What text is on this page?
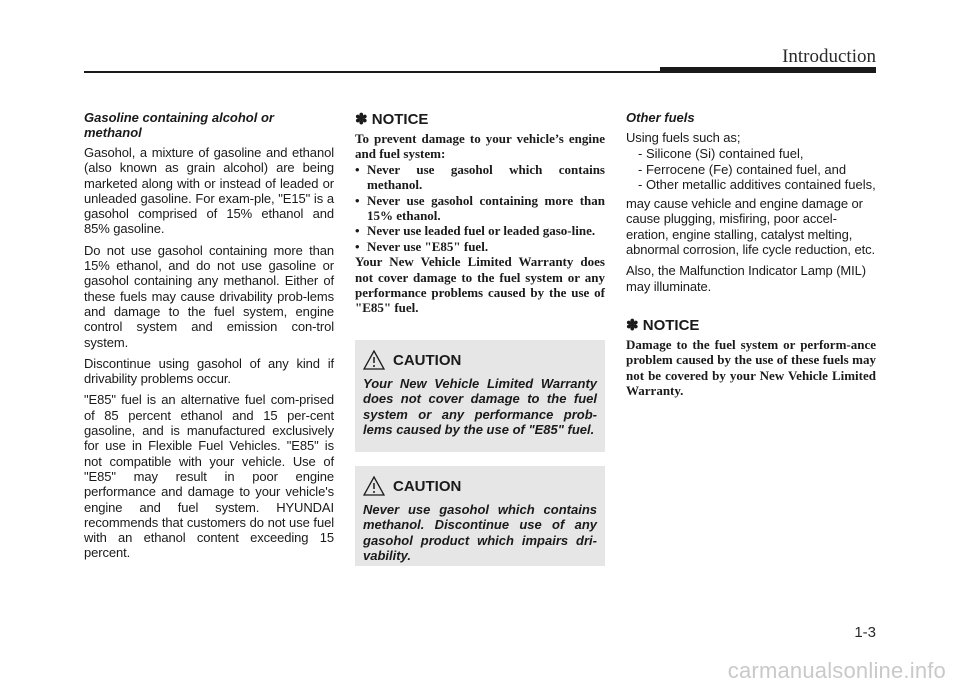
Introduction
Gasoline containing alcohol or methanol

Gasohol, a mixture of gasoline and ethanol (also known as grain alcohol) are being marketed along with or instead of leaded or unleaded gasoline. For exam-ple, "E15" is a gasohol comprised of 15% ethanol and 85% gasoline.

Do not use gasohol containing more than 15% ethanol, and do not use gasoline or gasohol containing any methanol. Either of these fuels may cause drivability prob-lems and damage to the fuel system, engine control system and emission con-trol system.

Discontinue using gasohol of any kind if drivability problems occur.

"E85" fuel is an alternative fuel com-prised of 85 percent ethanol and 15 per-cent gasoline, and is manufactured exclusively for use in Flexible Fuel Vehicles. "E85" is not compatible with your vehicle. Use of "E85" may result in poor engine performance and damage to your vehicle's engine and fuel system. HYUNDAI recommends that customers do not use fuel with an ethanol content exceeding 15 percent.

✽ NOTICE

To prevent damage to your vehicle’s engine and fuel system:

• Never use gasohol which contains methanol.
• Never use gasohol containing more than 15% ethanol.
• Never use leaded fuel or leaded gaso-line.
• Never use "E85" fuel.

Your New Vehicle Limited Warranty does not cover damage to the fuel system or any performance problems caused by the use of "E85" fuel.

CAUTION

Your New Vehicle Limited Warranty does not cover damage to the fuel system or any performance prob-lems caused by the use of "E85" fuel.

CAUTION

Never use gasohol which contains methanol. Discontinue use of any gasohol product which impairs dri-vability.

Other fuels

Using fuels such as;

- Silicone (Si) contained fuel,
- Ferrocene (Fe) contained fuel, and
- Other metallic additives contained fuels,

may cause vehicle and engine damage or cause plugging, misfiring, poor accel-eration, engine stalling, catalyst melting, abnormal corrosion, life cycle reduction, etc.

Also, the Malfunction Indicator Lamp (MIL) may illuminate.

✽ NOTICE

Damage to the fuel system or perform-ance problem caused by the use of these fuels may not be covered by your New Vehicle Limited Warranty.

1-3
carmanualsonline.info
